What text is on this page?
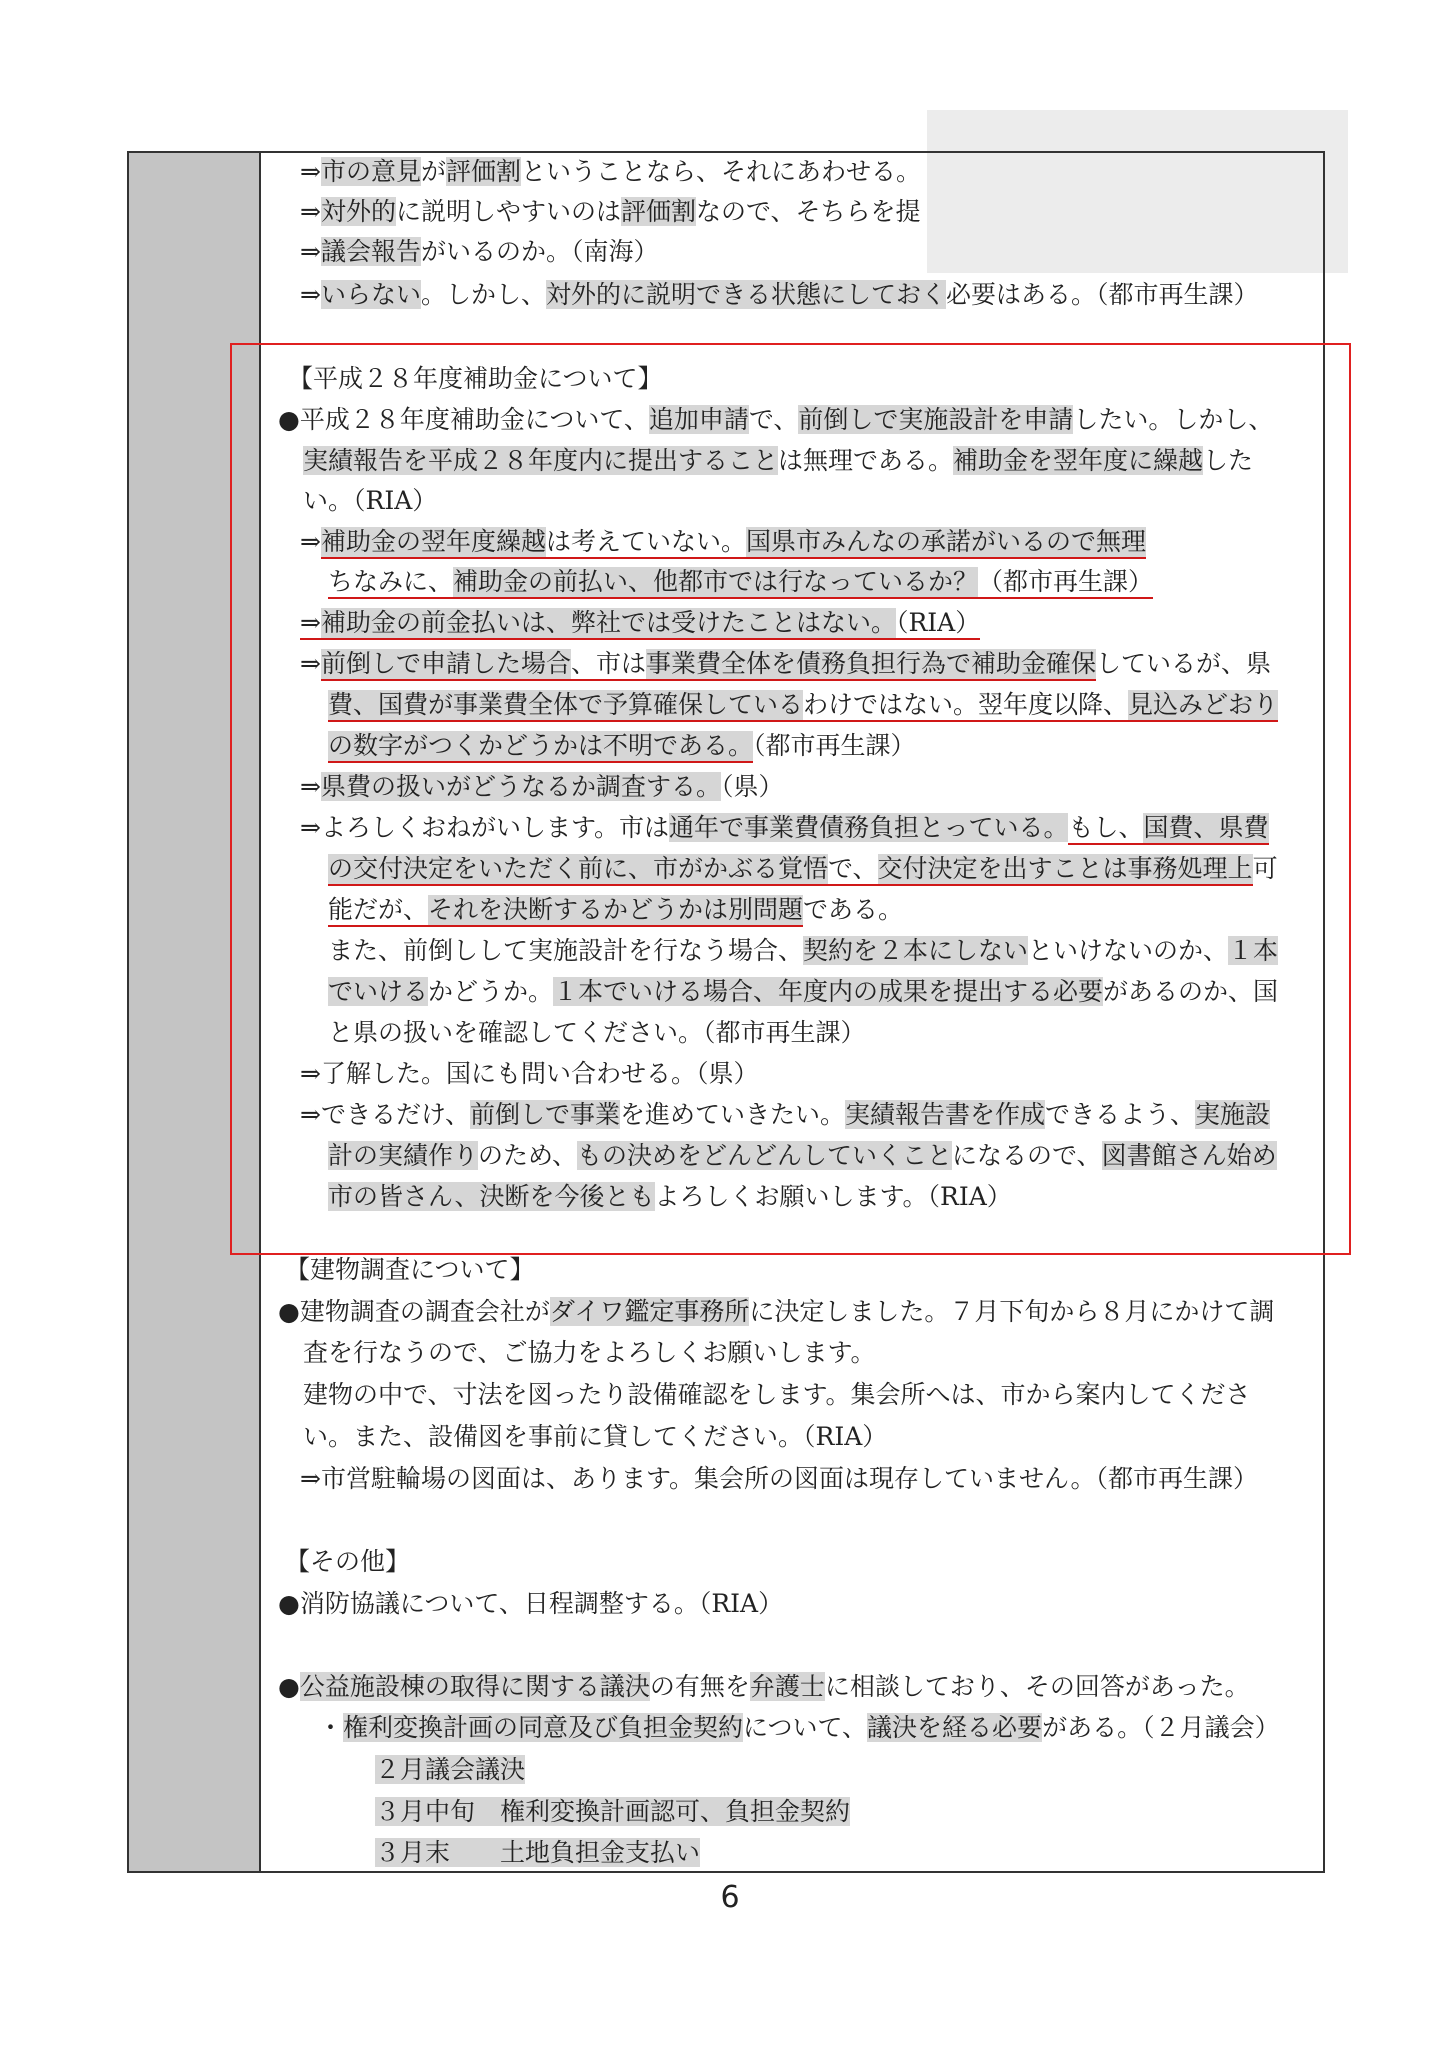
⇒市の意見が評価割ということなら、それにあわせる。
⇒対外的に説明しやすいのは評価割なので、そちらを提
⇒議会報告がいるのか。（南海）
⇒いらない。しかし、対外的に説明できる状態にしておく必要はある。（都市再生課）
【平成２８年度補助金について】
●平成２８年度補助金について、追加申請で、前倒しで実施設計を申請したい。しかし、
実績報告を平成２８年度内に提出することは無理である。補助金を翌年度に繰越した
い。（RIA）
⇒補助金の翌年度繰越は考えていない。国県市みんなの承諾がいるので無理
ちなみに、補助金の前払い、他都市では行なっているか？（都市再生課）
⇒補助金の前金払いは、弊社では受けたことはない。（RIA）
⇒前倒しで申請した場合、市は事業費全体を債務負担行為で補助金確保しているが、県
費、国費が事業費全体で予算確保しているわけではない。翌年度以降、見込みどおり
の数字がつくかどうかは不明である。（都市再生課）
⇒県費の扱いがどうなるか調査する。（県）
⇒よろしくおねがいします。市は通年で事業費債務負担とっている。もし、国費、県費
の交付決定をいただく前に、市がかぶる覚悟で、交付決定を出すことは事務処理上可
能だが、それを決断するかどうかは別問題である。
また、前倒しして実施設計を行なう場合、契約を２本にしないといけないのか、１本
でいけるかどうか。１本でいける場合、年度内の成果を提出する必要があるのか、国
と県の扱いを確認してください。（都市再生課）
⇒了解した。国にも問い合わせる。（県）
⇒できるだけ、前倒しで事業を進めていきたい。実績報告書を作成できるよう、実施設
計の実績作りのため、もの決めをどんどんしていくことになるので、図書館さん始め
市の皆さん、決断を今後ともよろしくお願いします。（RIA）
【建物調査について】
●建物調査の調査会社がダイワ鑑定事務所に決定しました。７月下旬から８月にかけて調
査を行なうので、ご協力をよろしくお願いします。
建物の中で、寸法を図ったり設備確認をします。集会所へは、市から案内してくださ
い。また、設備図を事前に貸してください。（RIA）
⇒市営駐輪場の図面は、あります。集会所の図面は現存していません。（都市再生課）
【その他】
●消防協議について、日程調整する。（RIA）
●公益施設棟の取得に関する議決の有無を弁護士に相談しており、その回答があった。
・権利変換計画の同意及び負担金契約について、議決を経る必要がある。（２月議会）
２月議会議決
３月中旬　権利変換計画認可、負担金契約
３月末　　土地負担金支払い
6
